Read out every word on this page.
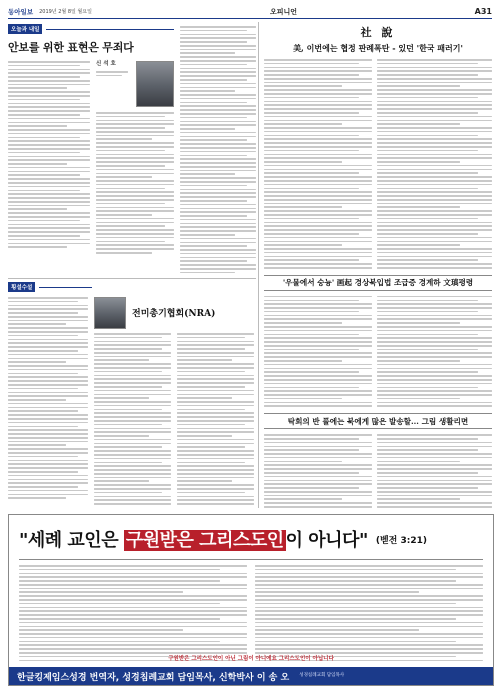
동아일보 2019년 2월 8일 월요일	오피니언	A31
오늘과 내일
안보를 위한 표현은 무죄다
신 석 호
횡설수설
전미총기협회(NRA)
社 說
美, 이번에는 협정 판례폭탄 - 있던 '한국 패러기'
'우물에서 숭늉' 画起 경상북입법 조급증 경계하 文瑱평령
탁회의 반 풀에는 북에게 많은 발송할... 그림 생활리면
"세례 교인은 구원받은 그리스도인 이 아니다" (벧전 3:21)
구원받은 그리스도인이 아닌 그림이 아니에요 그리스도인이 아닙니다
한글킹제임스성경 번역자, 성경침례교회 담임목사, 신학박사 이 송 오 성경침례교회 담임목사
